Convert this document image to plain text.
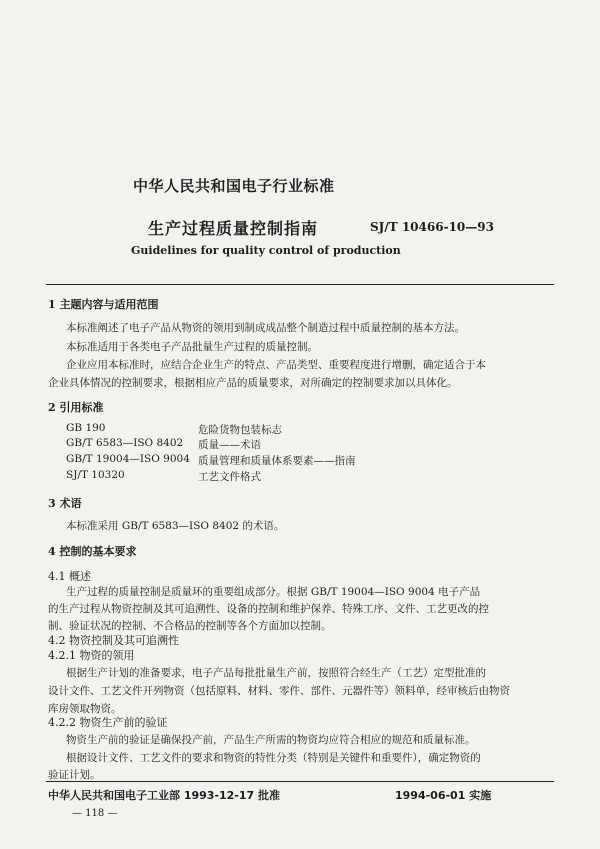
中华人民共和国电子行业标准
生产过程质量控制指南	SJ/T 10466-10—93
Guidelines for quality control of production
1 主题内容与适用范围
本标准阐述了电子产品从物资的领用到制成成品整个制造过程中质量控制的基本方法。
本标准适用于各类电子产品批量生产过程的质量控制。
企业应用本标准时，应结合企业生产的特点、产品类型、重要程度进行增删，确定适合于本
企业具体情况的控制要求，根据相应产品的质量要求，对所确定的控制要求加以具体化。
2 引用标准
GB 190	危险货物包装标志
GB/T 6583—ISO 8402 质量——术语
GB/T 19004—ISO 9004 质量管理和质量体系要素——指南
SJ/T 10320	工艺文件格式
3 术语
本标准采用 GB/T 6583—ISO 8402 的术语。
4 控制的基本要求
4.1 概述
生产过程的质量控制是质量环的重要组成部分。根据 GB/T 19004—ISO 9004 电子产品
的生产过程从物资控制及其可追溯性、设备的控制和维护保养、特殊工序、文件、工艺更改的控
制、验证状况的控制、不合格品的控制等各个方面加以控制。
4.2 物资控制及其可追溯性
4.2.1 物资的领用
根据生产计划的准备要求，电子产品每批批量生产前，按照符合经生产（工艺）定型批准的
设计文件、工艺文件开列物资（包括原料、材料、零件、部件、元器件等）领料单，经审核后由物资
库房领取物资。
4.2.2 物资生产前的验证
物资生产前的验证是确保投产前，产品生产所需的物资均应符合相应的规范和质量标准。
根据设计文件、工艺文件的要求和物资的特性分类（特别是关键件和重要件），确定物资的
验证计划。
中华人民共和国电子工业部 1993-12-17 批准	1994-06-01 实施
— 118 —
